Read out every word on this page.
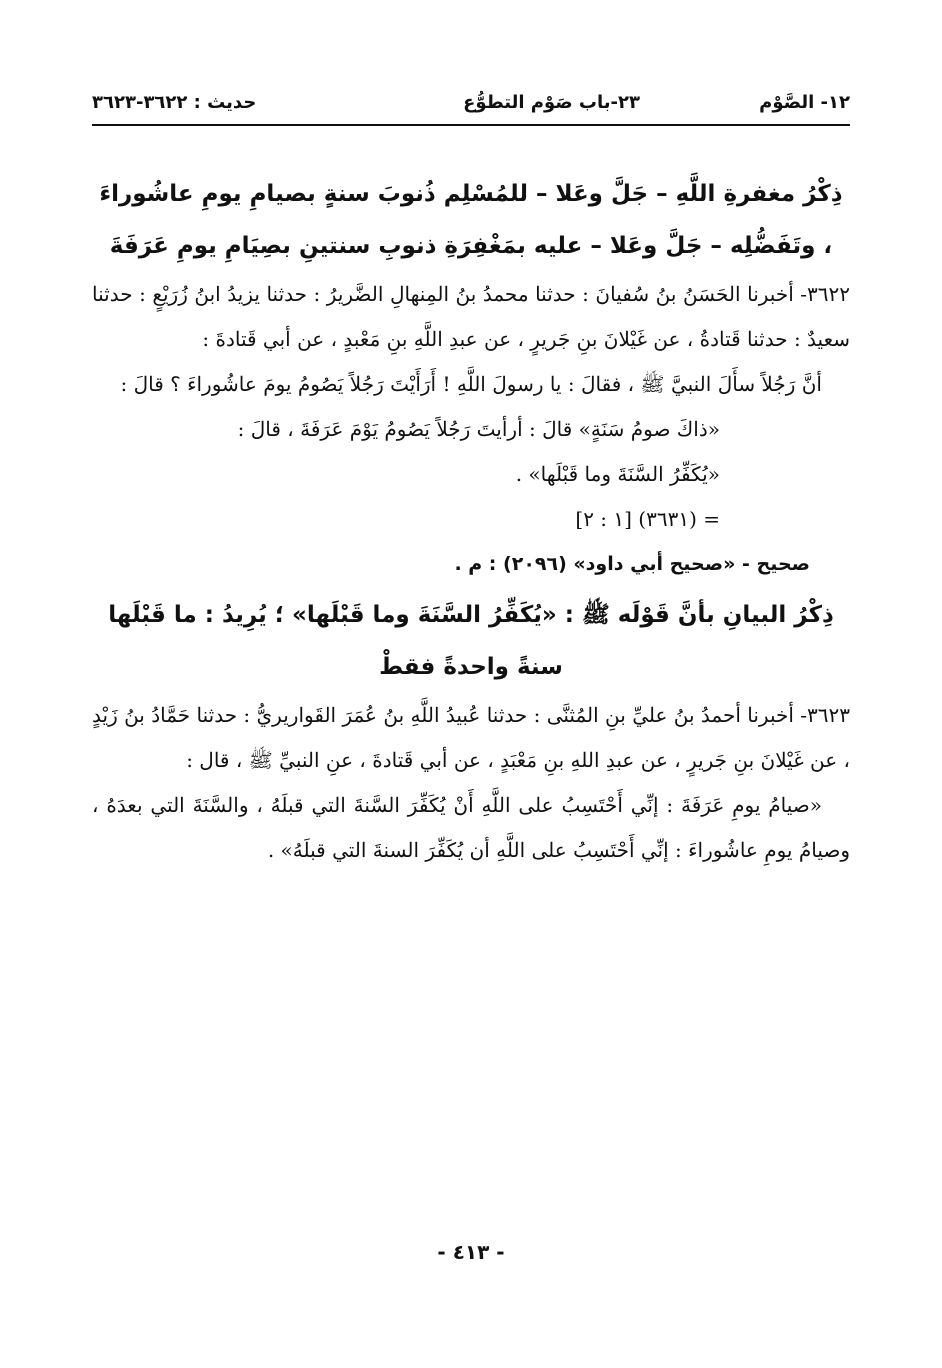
١٢- الصَّوْم
٢٣-باب صَوْم التطوُّع
حديث : ٣٦٢٢-٣٦٢٣
ذِكْرُ مغفرةِ اللَّهِ – جَلَّ وعَلا – للمُسْلِم ذُنوبَ سنةٍ بصيامِ يومِ عاشُوراءَ ، وتَفَضُّلِه – جَلَّ وعَلا – عليه بمَغْفِرَةِ ذنوبِ سنتينِ بصِيَامِ يومِ عَرَفَةَ

٣٦٢٢- أخبرنا الحَسَنُ بنُ سُفيانَ : حدثنا محمدُ بنُ المِنهالِ الضَّريرُ : حدثنا يزيدُ ابنُ زُرَيْعٍ : حدثنا سعيدٌ : حدثنا قَتادةُ ، عن غَيْلانَ بنِ جَريرٍ ، عن عبدِ اللَّهِ بنِ مَعْبدٍ ، عن أبي قَتادةَ :

أنَّ رَجُلاً سأَلَ النبيَّ ﷺ ، فقالَ : يا رسولَ اللَّهِ ! أَرَأَيْتَ رَجُلاً يَصُومُ يومَ عاشُوراءَ ؟ قالَ :

«ذاكَ صومُ سَنَةٍ» قالَ : أرأيتَ رَجُلاً يَصُومُ يَوْمَ عَرَفَةَ ، قالَ :

«يُكَفِّرُ السَّنَةَ وما قَبْلَها» .

= (٣٦٣١) [١ : ٢]

صحيح - «صحيح أبي داود» (٢٠٩٦) : م .

ذِكْرُ البيانِ بأنَّ قَوْلَه ﷺ : «يُكَفِّرُ السَّنَةَ وما قَبْلَها» ؛ يُرِيدُ : ما قَبْلَها سنةً واحدةً فقطْ

٣٦٢٣- أخبرنا أحمدُ بنُ عليِّ بنِ المُثنَّى : حدثنا عُبيدُ اللَّهِ بنُ عُمَرَ القَواريريُّ : حدثنا حَمَّادُ بنُ زَيْدٍ ، عن غَيْلانَ بنِ جَريرٍ ، عن عبدِ اللهِ بنِ مَعْبَدٍ ، عن أبي قَتادةَ ، عنِ النبيِّ ﷺ ، قال :

«صيامُ يومِ عَرَفَةَ : إنِّي أَحْتَسِبُ على اللَّهِ أَنْ يُكَفِّرَ السَّنةَ التي قبلَهُ ، والسَّنَةَ التي بعدَهُ ، وصيامُ يومِ عاشُوراءَ : إنِّي أَحْتَسِبُ على اللَّهِ أن يُكَفِّرَ السنةَ التي قبلَهُ» .

- ٤١٣ -
